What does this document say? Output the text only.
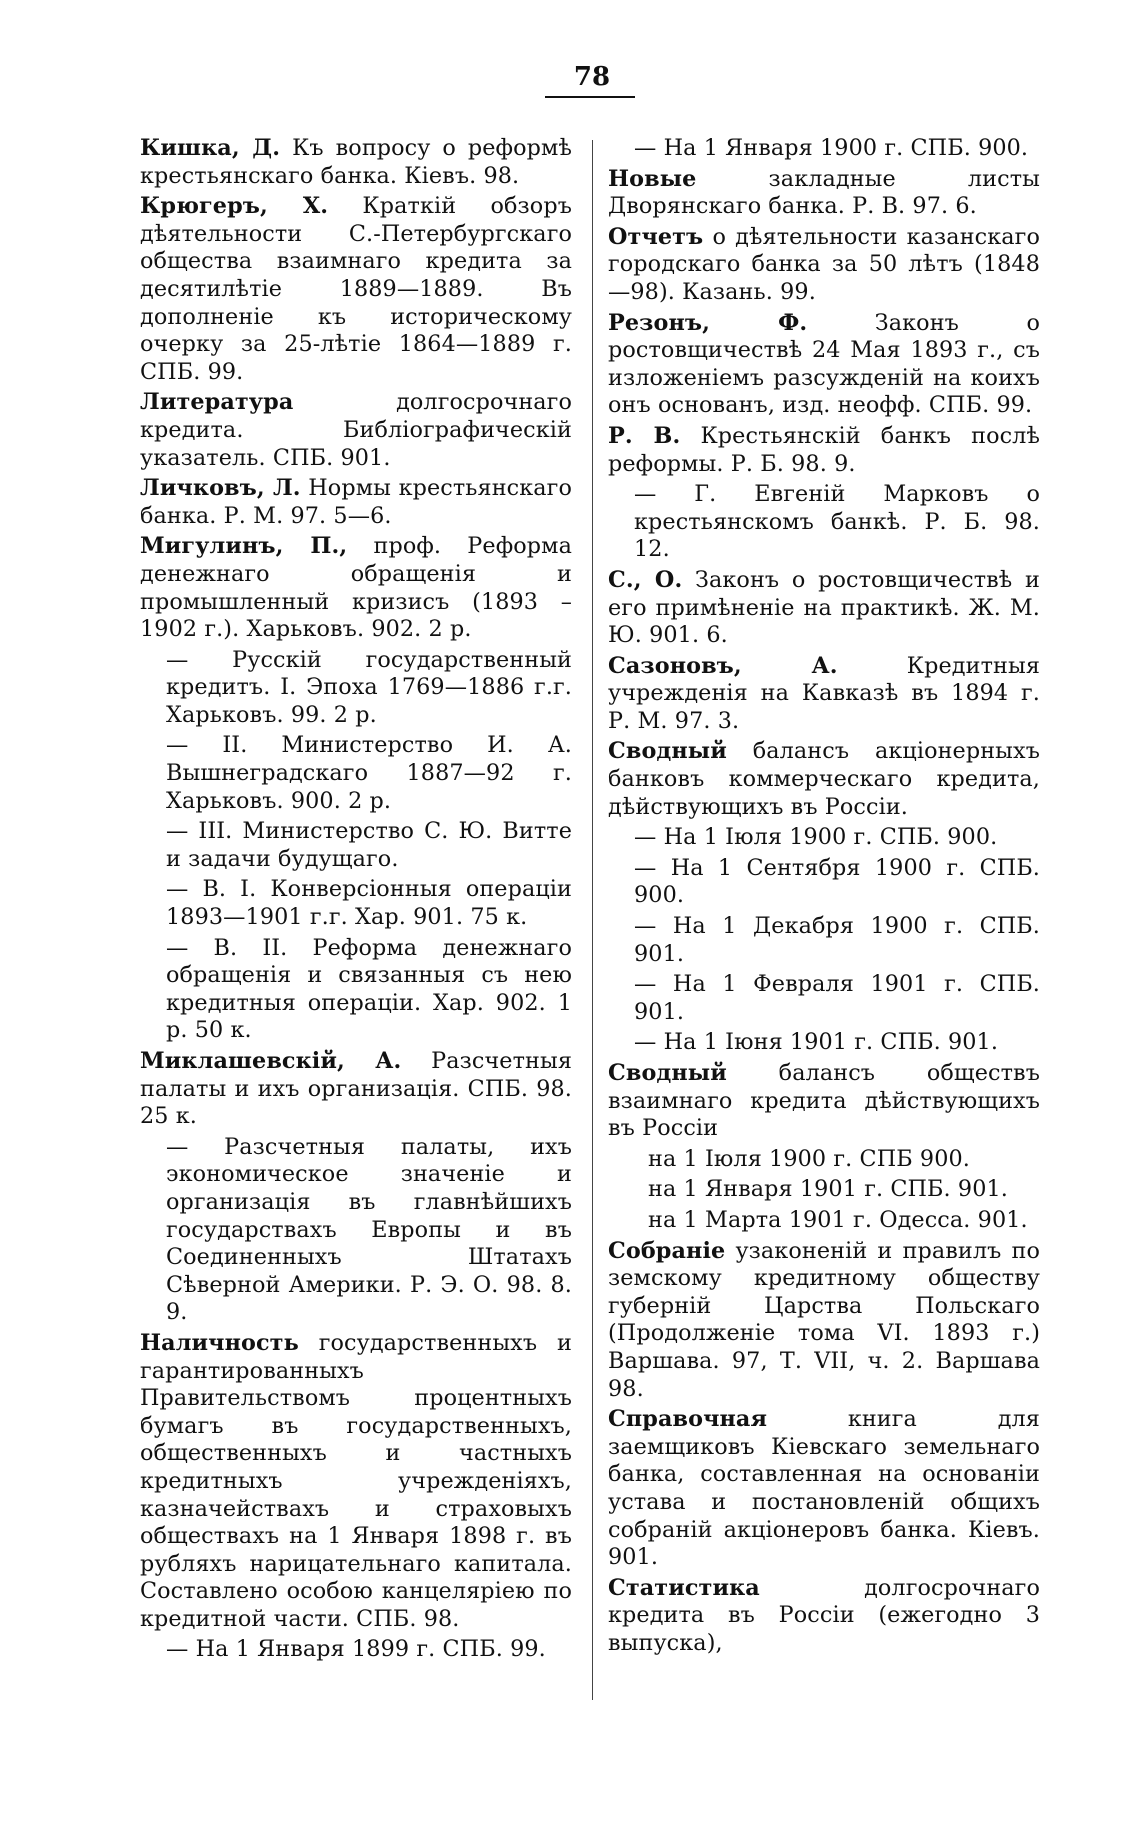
78

Кишка, Д. Къ вопросу о реформѣ крестьянскаго банка. Кiевъ. 98.

Крюгеръ, X. Краткiй обзоръ дѣятельности С.-Петербургскаго общества взаимнаго кредита за десятилѣтіе 1889—1889. Въ дополненіе къ историческому очерку за 25-лѣтіе 1864—1889 г. СПБ. 99.

Литература	долгосрочнаго кредита. Библiографическiй указатель. СПБ. 901.

Личковъ, Л. Нормы крестьянскаго банка. Р. М. 97. 5—6.

Мигулинъ, П., проф. Реформа денежнаго обращенiя и промышленный кризисъ (1893 – 1902 г.). Харьковъ. 902. 2 р.

— Русскiй государственный кредитъ. I. Эпоха 1769—1886 г.г. Харьковъ. 99. 2 р.

— II. Министерство И. А. Вышнеградскаго 1887—92 г. Харьковъ. 900. 2 р.

— III. Министерство С. Ю. Витте и задачи будущаго.

— В. I. Конверсiонныя операцiи 1893—1901 г.г. Хар. 901. 75 к.

— В. II. Реформа денежнаго обращенiя и связанныя съ нею кредитныя операцiи. Хар. 902. 1 р. 50 к.

Миклашевскiй, А. Разсчетныя палаты и ихъ организацiя. СПБ. 98. 25 к.

— Разсчетныя палаты, ихъ экономическое значенiе и организацiя въ главнѣйшихъ государствахъ Европы и въ Соединенныхъ Штатахъ Сѣверной Америки. Р. Э. О. 98. 8. 9.

Наличность государственныхъ и гарантированныхъ Правительствомъ процентныхъ бумагъ въ государственныхъ, общественныхъ и частныхъ кредитныхъ учрежденiяхъ, казначействахъ и страховыхъ обществахъ на 1 Января 1898 г. въ рубляхъ нарицательнаго капитала. Составлено особою канцелярiею по кредитной части. СПБ. 98.

— На 1 Января 1899 г. СПБ. 99.

— На 1 Января 1900 г. СПБ. 900.

Новые	закладные листы Дворянскаго банка. Р. В. 97. 6.

Отчетъ о дѣятельности казанскаго городскаго банка за 50 лѣтъ (1848—98). Казань. 99.

Резонъ, Ф.	Законъ о ростовщичествѣ 24 Мая 1893 г., съ изложенiемъ разсужденiй на коихъ онъ основанъ, изд. неофф. СПБ. 99.

Р. В. Крестьянскiй банкъ послѣ реформы. Р. Б. 98. 9.

— Г. Евгенiй Марковъ о крестьянскомъ банкѣ. Р. Б. 98. 12.

С., О. Законъ о ростовщичествѣ и его примѣненiе на практикѣ. Ж. М. Ю. 901. 6.

Сазоновъ, А.	Кредитныя учрежденiя на Кавказѣ въ 1894 г. Р. М. 97. 3.

Сводный балансъ акцiонерныхъ банковъ коммерческаго кредита, дѣйствующихъ въ Россiи.

— На 1 Iюля 1900 г. СПБ. 900.

— На 1 Сентября 1900 г. СПБ. 900.

— На 1 Декабря 1900 г. СПБ. 901.

— На 1 Февраля 1901 г. СПБ. 901.

— На 1 Iюня 1901 г. СПБ. 901.

Сводный балансъ обществъ взаимнаго кредита дѣйствующихъ въ Россiи

на 1 Iюля 1900 г. СПБ 900.

на 1 Января 1901 г. СПБ. 901.

на 1 Марта 1901 г. Одесса. 901.

Собранiе узаконенiй и правилъ по земскому кредитному обществу губернiй Царства Польскаго (Продолженiе тома VI. 1893 г.) Варшава. 97, Т. VII, ч. 2. Варшава 98.

Справочная	книга для заемщиковъ Кiевскаго земельнаго банка, составленная на основанiи устава и постановленiй общихъ собранiй акцiонеровъ банка. Кiевъ. 901.

Статистика	долгосрочнаго кредита въ Россiи (ежегодно 3 выпуска),
